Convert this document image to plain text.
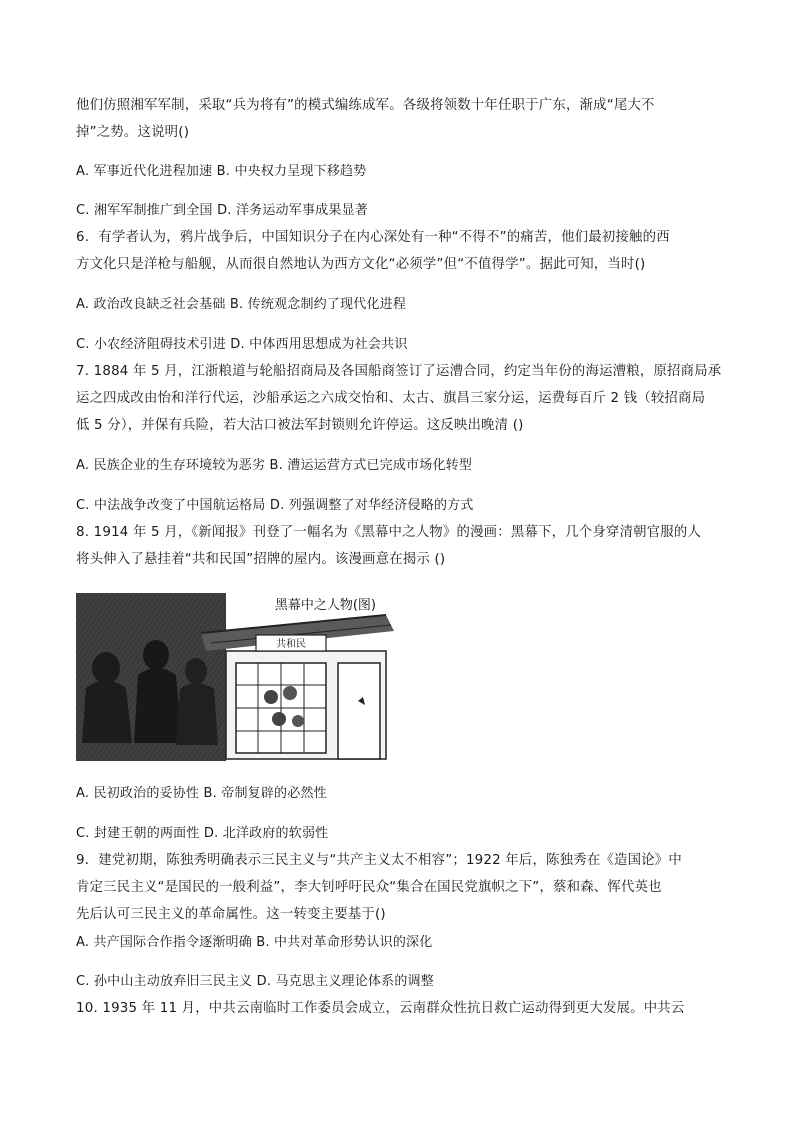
他们仿照湘军军制，采取“兵为将有”的模式编练成军。各级将领数十年任职于广东，渐成“尾大不
掉”之势。这说明()
A. 军事近代化进程加速 B. 中央权力呈现下移趋势
C. 湘军军制推广到全国 D. 洋务运动军事成果显著
6．有学者认为，鸦片战争后，中国知识分子在内心深处有一种“不得不”的痛苦，他们最初接触的西
方文化只是洋枪与船舰，从而很自然地认为西方文化“必须学”但“不值得学”。据此可知，当时()
A. 政治改良缺乏社会基础 B. 传统观念制约了现代化进程
C. 小农经济阻碍技术引进 D. 中体西用思想成为社会共识
7. 1884 年 5 月，江浙粮道与轮船招商局及各国船商签订了运漕合同，约定当年份的海运漕粮，原招商局承
运之四成改由怡和洋行代运，沙船承运之六成交怡和、太古、旗昌三家分运，运费每百斤 2 钱（较招商局
低 5 分），并保有兵险，若大沽口被法军封锁则允许停运。这反映出晚清 ()
A. 民族企业的生存环境较为恶劣 B. 漕运运营方式已完成市场化转型
C. 中法战争改变了中国航运格局 D. 列强调整了对华经济侵略的方式
8. 1914 年 5 月，《新闻报》刊登了一幅名为《黑幕中之人物》的漫画：黑幕下，几个身穿清朝官服的人
将头伸入了悬挂着“共和民国”招牌的屋内。该漫画意在揭示 ()
共和民
黑幕中之人物(图)
A. 民初政治的妥协性 B. 帝制复辟的必然性
C. 封建王朝的两面性 D. 北洋政府的软弱性
9．建党初期，陈独秀明确表示三民主义与“共产主义太不相容”；1922 年后，陈独秀在《造国论》中
肯定三民主义“是国民的一般利益”，李大钊呼吁民众“集合在国民党旗帜之下”，蔡和森、恽代英也
先后认可三民主义的革命属性。这一转变主要基于()
A. 共产国际合作指令逐渐明确 B. 中共对革命形势认识的深化
C. 孙中山主动放弃旧三民主义 D. 马克思主义理论体系的调整
10. 1935 年 11 月，中共云南临时工作委员会成立，云南群众性抗日救亡运动得到更大发展。中共云
